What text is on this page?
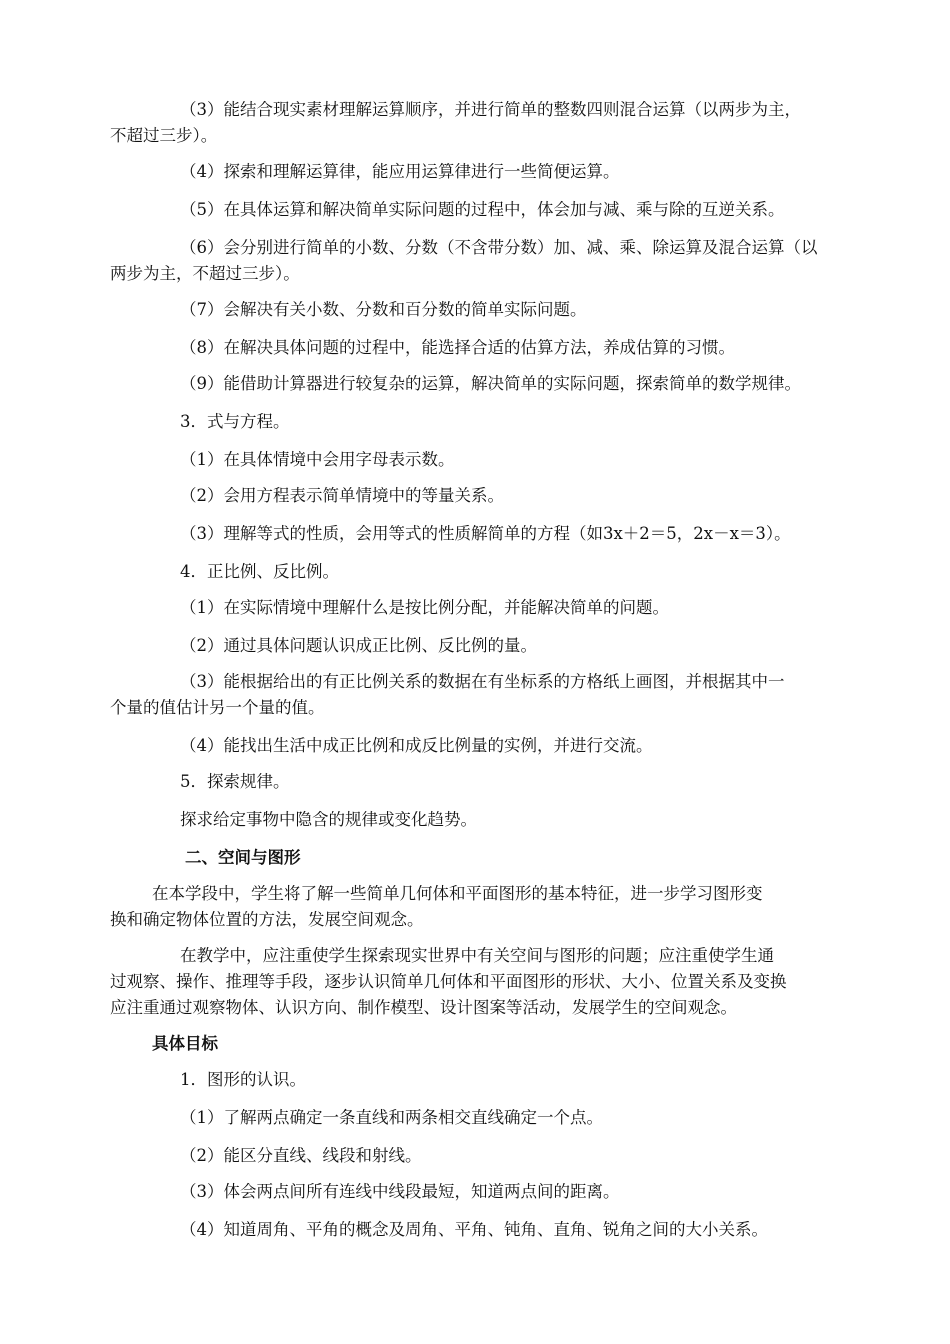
（3）能结合现实素材理解运算顺序，并进行简单的整数四则混合运算（以两步为主，
不超过三步）。
（4）探索和理解运算律，能应用运算律进行一些简便运算。
（5）在具体运算和解决简单实际问题的过程中，体会加与减、乘与除的互逆关系。
（6）会分别进行简单的小数、分数（不含带分数）加、减、乘、除运算及混合运算（以
两步为主，不超过三步）。
（7）会解决有关小数、分数和百分数的简单实际问题。
（8）在解决具体问题的过程中，能选择合适的估算方法，养成估算的习惯。
（9）能借助计算器进行较复杂的运算，解决简单的实际问题，探索简单的数学规律。
3．式与方程。
（1）在具体情境中会用字母表示数。
（2）会用方程表示简单情境中的等量关系。
（3）理解等式的性质，会用等式的性质解简单的方程（如3x＋2＝5，2x－x＝3）。
4．正比例、反比例。
（1）在实际情境中理解什么是按比例分配，并能解决简单的问题。
（2）通过具体问题认识成正比例、反比例的量。
（3）能根据给出的有正比例关系的数据在有坐标系的方格纸上画图，并根据其中一
个量的值估计另一个量的值。
（4）能找出生活中成正比例和成反比例量的实例，并进行交流。
5．探索规律。
探求给定事物中隐含的规律或变化趋势。
二、空间与图形
在本学段中，学生将了解一些简单几何体和平面图形的基本特征，进一步学习图形变
换和确定物体位置的方法，发展空间观念。
在教学中，应注重使学生探索现实世界中有关空间与图形的问题；应注重使学生通
过观察、操作、推理等手段，逐步认识简单几何体和平面图形的形状、大小、位置关系及变换
应注重通过观察物体、认识方向、制作模型、设计图案等活动，发展学生的空间观念。
具体目标
1．图形的认识。
（1）了解两点确定一条直线和两条相交直线确定一个点。
（2）能区分直线、线段和射线。
（3）体会两点间所有连线中线段最短，知道两点间的距离。
（4）知道周角、平角的概念及周角、平角、钝角、直角、锐角之间的大小关系。
